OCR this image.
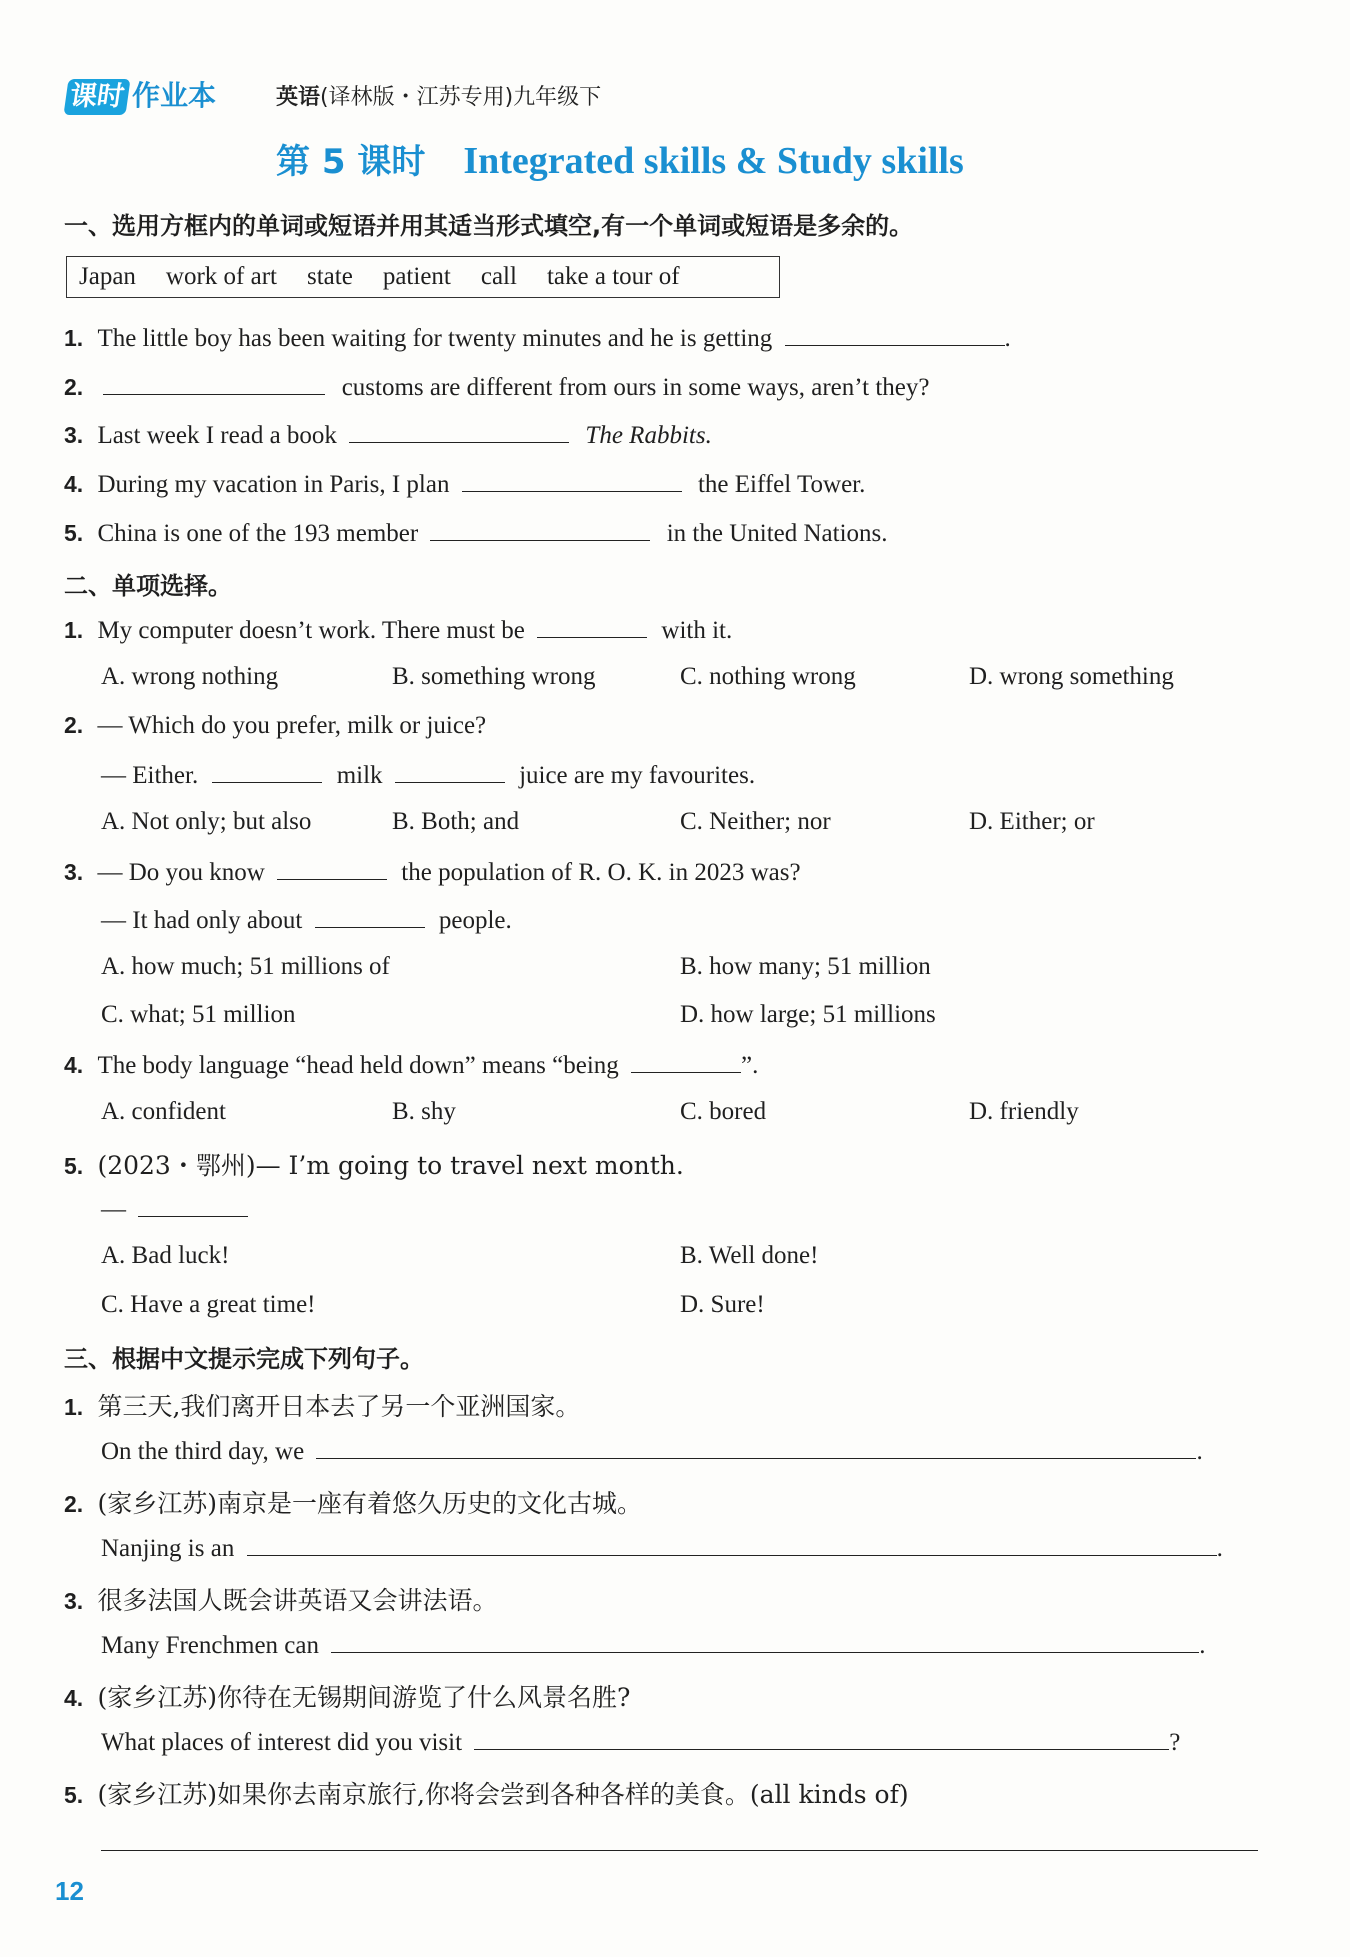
课时 作业本	英语(译林版・江苏专用)九年级下
第 5 课时 Integrated skills & Study skills
一、选用方框内的单词或短语并用其适当形式填空,有一个单词或短语是多余的。
Japan work of art state patient call take a tour of
1. The little boy has been waiting for twenty minutes and he is getting	.
2.	customs are different from ours in some ways, aren’t they?
3. Last week I read a book	The Rabbits.
4. During my vacation in Paris, I plan	the Eiffel Tower.
5. China is one of the 193 member	in the United Nations.
二、单项选择。
1. My computer doesn’t work. There must be	with it.
A. wrong nothing	B. something wrong	C. nothing wrong	D. wrong something
2. — Which do you prefer, milk or juice?
— Either.	milk	juice are my favourites.
A. Not only; but also	B. Both; and	C. Neither; nor	D. Either; or
3. — Do you know	the population of R. O. K. in 2023 was?
— It had only about	people.
A. how much; 51 millions of	B. how many; 51 million
C. what; 51 million	D. how large; 51 millions
4. The body language “head held down” means “being	”.
A. confident	B. shy	C. bored	D. friendly
5. (2023・鄂州)— I’m going to travel next month.
—
A. Bad luck!	B. Well done!
C. Have a great time!	D. Sure!
三、根据中文提示完成下列句子。
1. 第三天,我们离开日本去了另一个亚洲国家。
On the third day, we	.
2. (家乡江苏)南京是一座有着悠久历史的文化古城。
Nanjing is an	.
3. 很多法国人既会讲英语又会讲法语。
Many Frenchmen can	.
4. (家乡江苏)你待在无锡期间游览了什么风景名胜?
What places of interest did you visit	?
5. (家乡江苏)如果你去南京旅行,你将会尝到各种各样的美食。(all kinds of)
12
